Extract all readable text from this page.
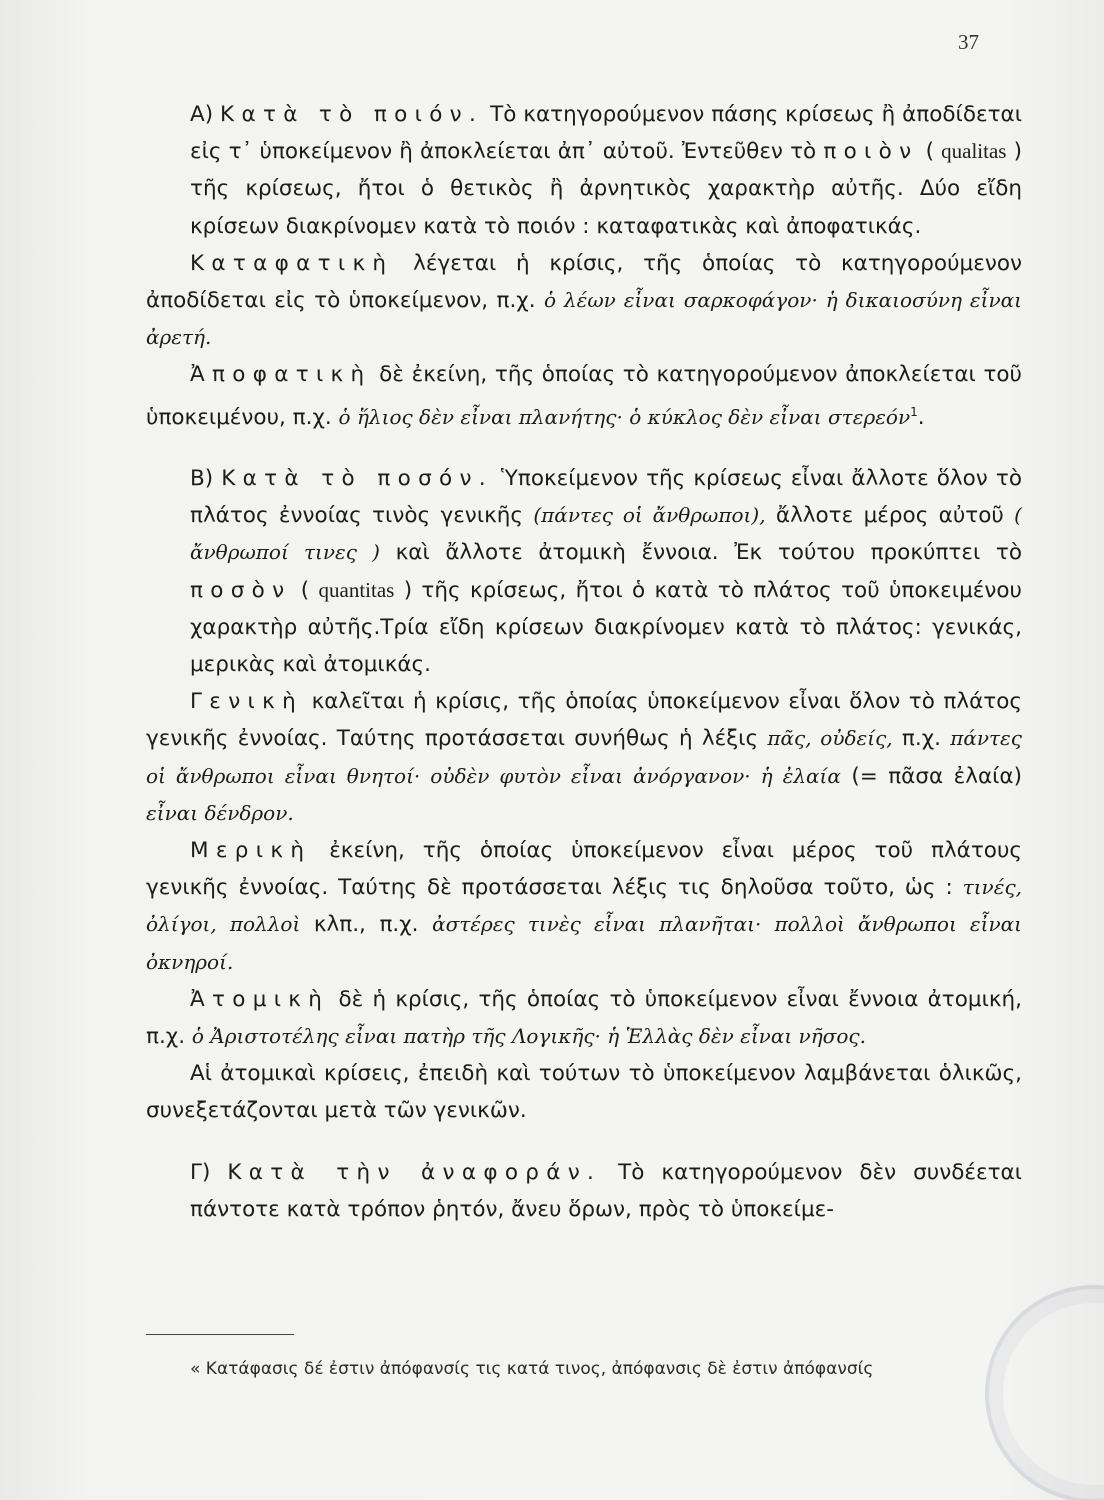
37

Α) Κατὰ τὸ ποιόν. Τὸ κατηγορούμενον πάσης κρίσεως ἢ ἀποδίδεται εἰς τ᾽ ὑποκείμενον ἢ ἀποκλείεται ἀπ᾽ αὐτοῦ. Ἐντεῦθεν τὸ ποιὸν ( qualitas ) τῆς κρίσεως, ἤτοι ὁ θετικὸς ἢ ἀρνητικὸς χαρακτὴρ αὐτῆς. Δύο εἴδη κρίσεων διακρίνομεν κατὰ τὸ ποιόν : καταφατικὰς καὶ ἀποφατικάς.

Καταφατικὴ λέγεται ἡ κρίσις, τῆς ὁποίας τὸ κατηγορούμενον ἀποδίδεται εἰς τὸ ὑποκείμενον, π.χ. ὁ λέων εἶναι σαρκοφάγον· ἡ δικαιοσύνη εἶναι ἀρετή.

Ἀποφατικὴ δὲ ἐκείνη, τῆς ὁποίας τὸ κατηγορούμενον ἀποκλείεται τοῦ ὑποκειμένου, π.χ. ὁ ἥλιος δὲν εἶναι πλανήτης· ὁ κύκλος δὲν εἶναι στερεόν$^1$.

Β) Κατὰ τὸ ποσόν. Ὑποκείμενον τῆς κρίσεως εἶναι ἄλλοτε ὅλον τὸ πλάτος ἐννοίας τινὸς γενικῆς (πάντες οἱ ἄνθρωποι), ἄλλοτε μέρος αὐτοῦ ( ἄνθρωποί τινες ) καὶ ἄλλοτε ἀτομικὴ ἔννοια. Ἐκ τούτου προκύπτει τὸ ποσὸν ( quantitas ) τῆς κρίσεως, ἤτοι ὁ κατὰ τὸ πλάτος τοῦ ὑποκειμένου χαρακτὴρ αὐτῆς.Τρία εἴδη κρίσεων διακρίνομεν κατὰ τὸ πλάτος: γενικάς, μερικὰς καὶ ἀτομικάς.

Γενικὴ καλεῖται ἡ κρίσις, τῆς ὁποίας ὑποκείμενον εἶναι ὅλον τὸ πλάτος γενικῆς ἐννοίας. Ταύτης προτάσσεται συνήθως ἡ λέξις πᾶς, οὐδείς, π.χ. πάντες οἱ ἄνθρωποι εἶναι θνητοί· οὐδὲν φυτὸν εἶναι ἀνόργανον· ἡ ἐλαία (= πᾶσα ἐλαία) εἶναι δένδρον.

Μερικὴ ἐκείνη, τῆς ὁποίας ὑποκείμενον εἶναι μέρος τοῦ πλάτους γενικῆς ἐννοίας. Ταύτης δὲ προτάσσεται λέξις τις δηλοῦσα τοῦτο, ὡς : τινές, ὀλίγοι, πολλοὶ κλπ., π.χ. ἀστέρες τινὲς εἶναι πλανῆται· πολλοὶ ἄνθρωποι εἶναι ὀκνηροί.

Ἀτομικὴ δὲ ἡ κρίσις, τῆς ὁποίας τὸ ὑποκείμενον εἶναι ἔννοια ἀτομική, π.χ. ὁ Ἀριστοτέλης εἶναι πατὴρ τῆς Λογικῆς· ἡ Ἑλλὰς δὲν εἶναι νῆσος.

Αἱ ἀτομικαὶ κρίσεις, ἐπειδὴ καὶ τούτων τὸ ὑποκείμενον λαμβάνεται ὁλικῶς, συνεξετάζονται μετὰ τῶν γενικῶν.

Γ) Κατὰ τὴν ἀναφοράν. Τὸ κατηγορούμενον δὲν συνδέεται πάντοτε κατὰ τρόπον ῥητόν, ἄνευ ὅρων, πρὸς τὸ ὑποκείμε-

« Κατάφασις δέ ἐστιν ἀπόφανσίς τις κατά τινος, ἀπόφανσις δὲ ἐστιν ἀπόφανσίς
